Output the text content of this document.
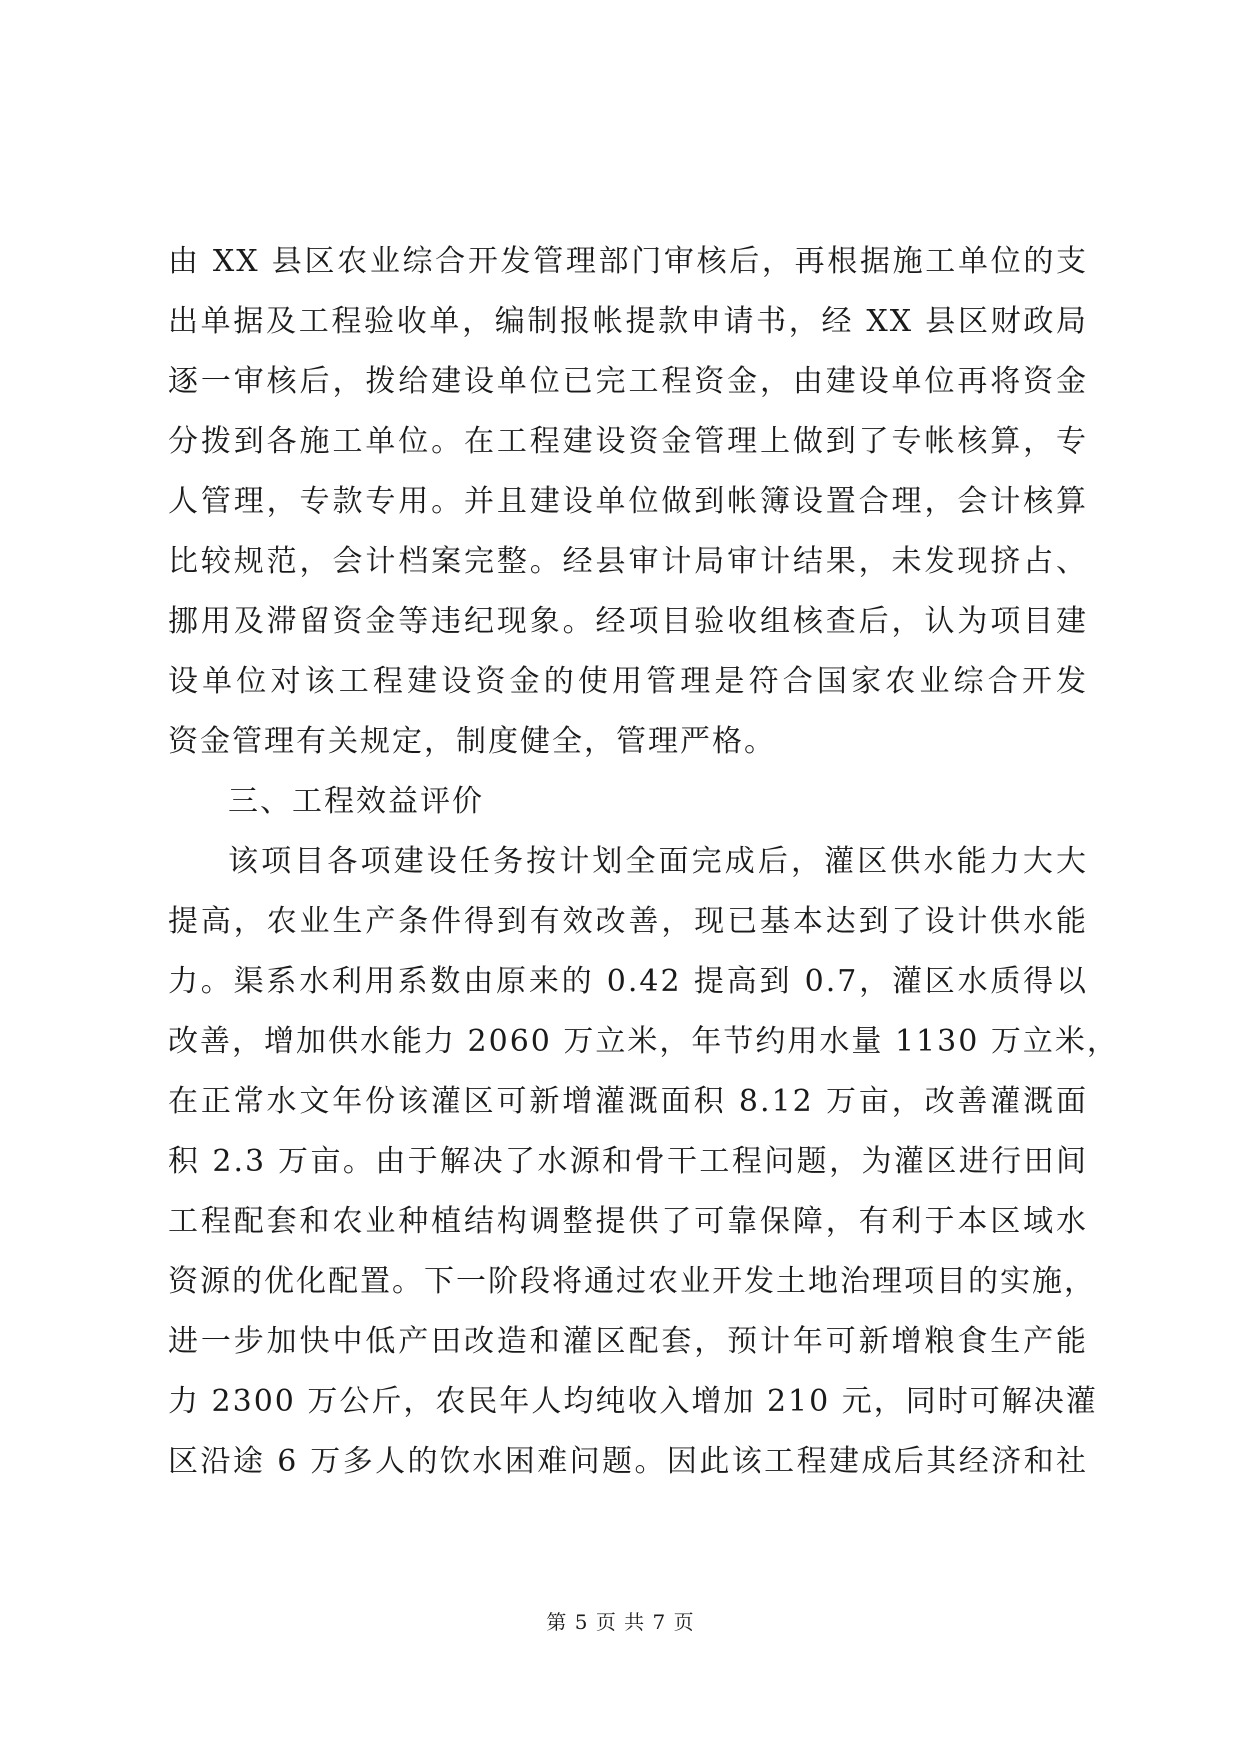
由 XX 县区农业综合开发管理部门审核后，再根据施工单位的支
出单据及工程验收单，编制报帐提款申请书，经 XX 县区财政局
逐一审核后，拨给建设单位已完工程资金，由建设单位再将资金
分拨到各施工单位。在工程建设资金管理上做到了专帐核算，专
人管理，专款专用。并且建设单位做到帐簿设置合理，会计核算
比较规范，会计档案完整。经县审计局审计结果，未发现挤占、
挪用及滞留资金等违纪现象。经项目验收组核查后，认为项目建
设单位对该工程建设资金的使用管理是符合国家农业综合开发
资金管理有关规定，制度健全，管理严格。
三、工程效益评价
该项目各项建设任务按计划全面完成后，灌区供水能力大大
提高，农业生产条件得到有效改善，现已基本达到了设计供水能
力。渠系水利用系数由原来的 0.42 提高到 0.7，灌区水质得以
改善，增加供水能力 2060 万立米，年节约用水量 1130 万立米，
在正常水文年份该灌区可新增灌溉面积 8.12 万亩，改善灌溉面
积 2.3 万亩。由于解决了水源和骨干工程问题，为灌区进行田间
工程配套和农业种植结构调整提供了可靠保障，有利于本区域水
资源的优化配置。下一阶段将通过农业开发土地治理项目的实施，
进一步加快中低产田改造和灌区配套，预计年可新增粮食生产能
力 2300 万公斤，农民年人均纯收入增加 210 元，同时可解决灌
区沿途 6 万多人的饮水困难问题。因此该工程建成后其经济和社
第 5 页 共 7 页
